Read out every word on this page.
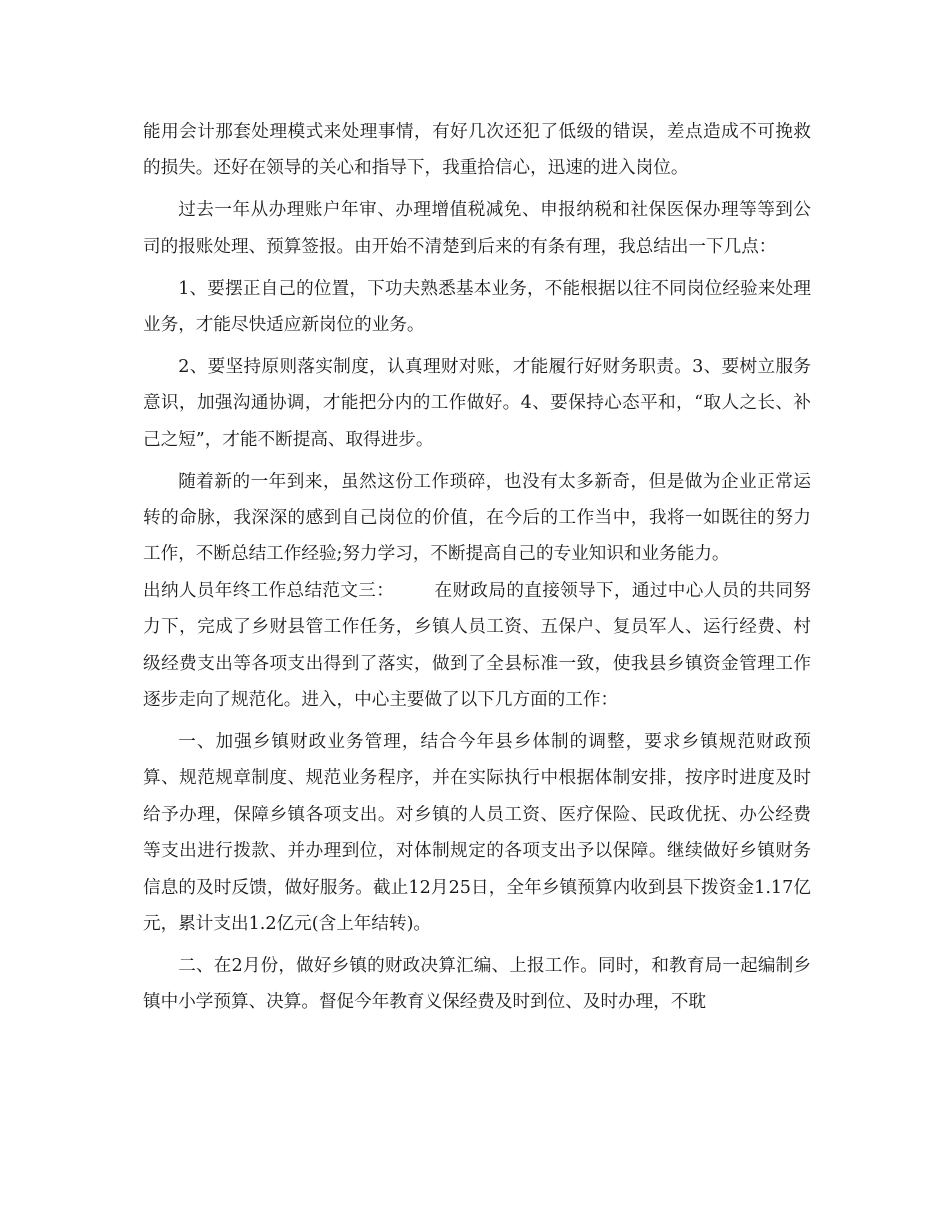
能用会计那套处理模式来处理事情，有好几次还犯了低级的错误，差点造成不可挽救的损失。还好在领导的关心和指导下，我重拾信心，迅速的进入岗位。

过去一年从办理账户年审、办理增值税减免、申报纳税和社保医保办理等等到公司的报账处理、预算签报。由开始不清楚到后来的有条有理，我总结出一下几点：

1、要摆正自己的位置，下功夫熟悉基本业务，不能根据以往不同岗位经验来处理业务，才能尽快适应新岗位的业务。

2、要坚持原则落实制度，认真理财对账，才能履行好财务职责。3、要树立服务意识，加强沟通协调，才能把分内的工作做好。4、要保持心态平和，“取人之长、补己之短”，才能不断提高、取得进步。

随着新的一年到来，虽然这份工作琐碎，也没有太多新奇，但是做为企业正常运转的命脉，我深深的感到自己岗位的价值，在今后的工作当中，我将一如既往的努力工作，不断总结工作经验;努力学习，不断提高自己的专业知识和业务能力。

出纳人员年终工作总结范文三： 在财政局的直接领导下，通过中心人员的共同努力下，完成了乡财县管工作任务，乡镇人员工资、五保户、复员军人、运行经费、村级经费支出等各项支出得到了落实，做到了全县标准一致，使我县乡镇资金管理工作逐步走向了规范化。进入，中心主要做了以下几方面的工作：

一、加强乡镇财政业务管理，结合今年县乡体制的调整，要求乡镇规范财政预算、规范规章制度、规范业务程序，并在实际执行中根据体制安排，按序时进度及时给予办理，保障乡镇各项支出。对乡镇的人员工资、医疗保险、民政优抚、办公经费等支出进行拨款、并办理到位，对体制规定的各项支出予以保障。继续做好乡镇财务信息的及时反馈，做好服务。截止12月25日，全年乡镇预算内收到县下拨资金1.17亿元，累计支出1.2亿元(含上年结转)。

二、在2月份，做好乡镇的财政决算汇编、上报工作。同时，和教育局一起编制乡镇中小学预算、决算。督促今年教育义保经费及时到位、及时办理，不耽
